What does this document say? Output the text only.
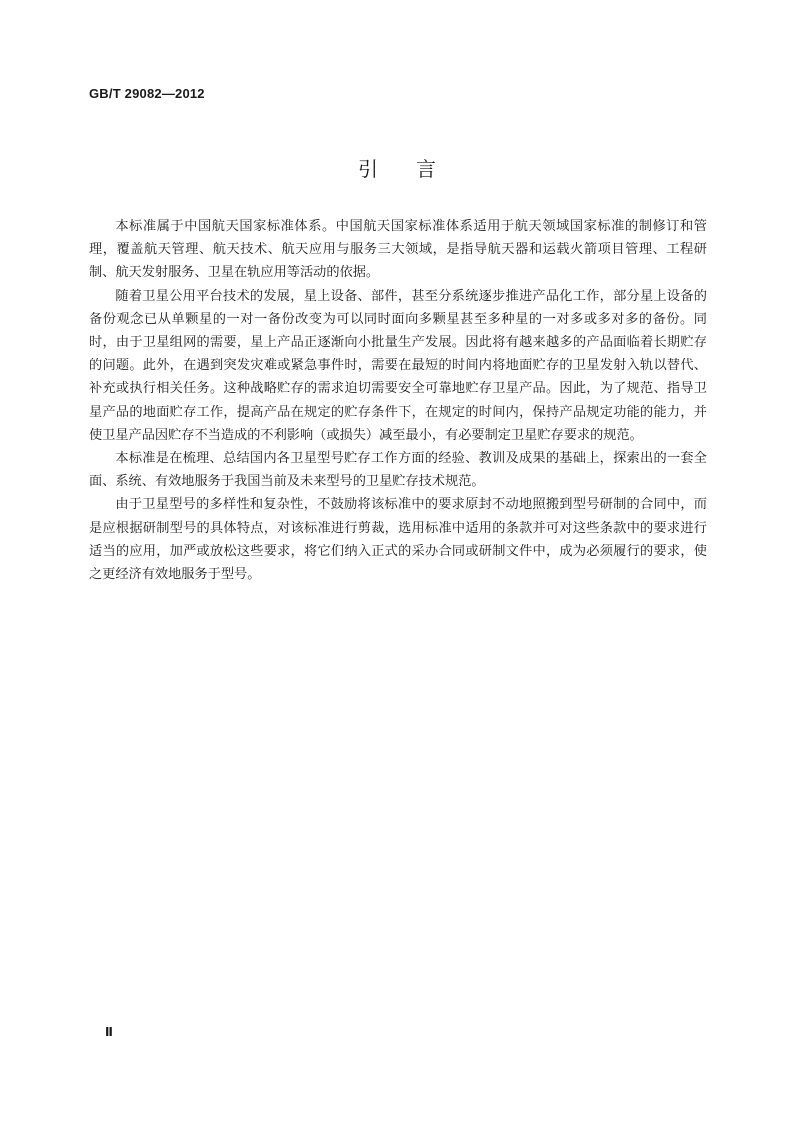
GB/T 29082—2012
引言

本标准属于中国航天国家标准体系。中国航天国家标准体系适用于航天领域国家标准的制修订和管理，覆盖航天管理、航天技术、航天应用与服务三大领域，是指导航天器和运载火箭项目管理、工程研制、航天发射服务、卫星在轨应用等活动的依据。

随着卫星公用平台技术的发展，星上设备、部件，甚至分系统逐步推进产品化工作，部分星上设备的备份观念已从单颗星的一对一备份改变为可以同时面向多颗星甚至多种星的一对多或多对多的备份。同时，由于卫星组网的需要，星上产品正逐渐向小批量生产发展。因此将有越来越多的产品面临着长期贮存的问题。此外，在遇到突发灾难或紧急事件时，需要在最短的时间内将地面贮存的卫星发射入轨以替代、补充或执行相关任务。这种战略贮存的需求迫切需要安全可靠地贮存卫星产品。因此，为了规范、指导卫星产品的地面贮存工作，提高产品在规定的贮存条件下，在规定的时间内，保持产品规定功能的能力，并使卫星产品因贮存不当造成的不利影响（或损失）减至最小，有必要制定卫星贮存要求的规范。

本标准是在梳理、总结国内各卫星型号贮存工作方面的经验、教训及成果的基础上，探索出的一套全面、系统、有效地服务于我国当前及未来型号的卫星贮存技术规范。

由于卫星型号的多样性和复杂性，不鼓励将该标准中的要求原封不动地照搬到型号研制的合同中，而是应根据研制型号的具体特点，对该标准进行剪裁，选用标准中适用的条款并可对这些条款中的要求进行适当的应用，加严或放松这些要求，将它们纳入正式的采办合同或研制文件中，成为必须履行的要求，使之更经济有效地服务于型号。

Ⅱ
